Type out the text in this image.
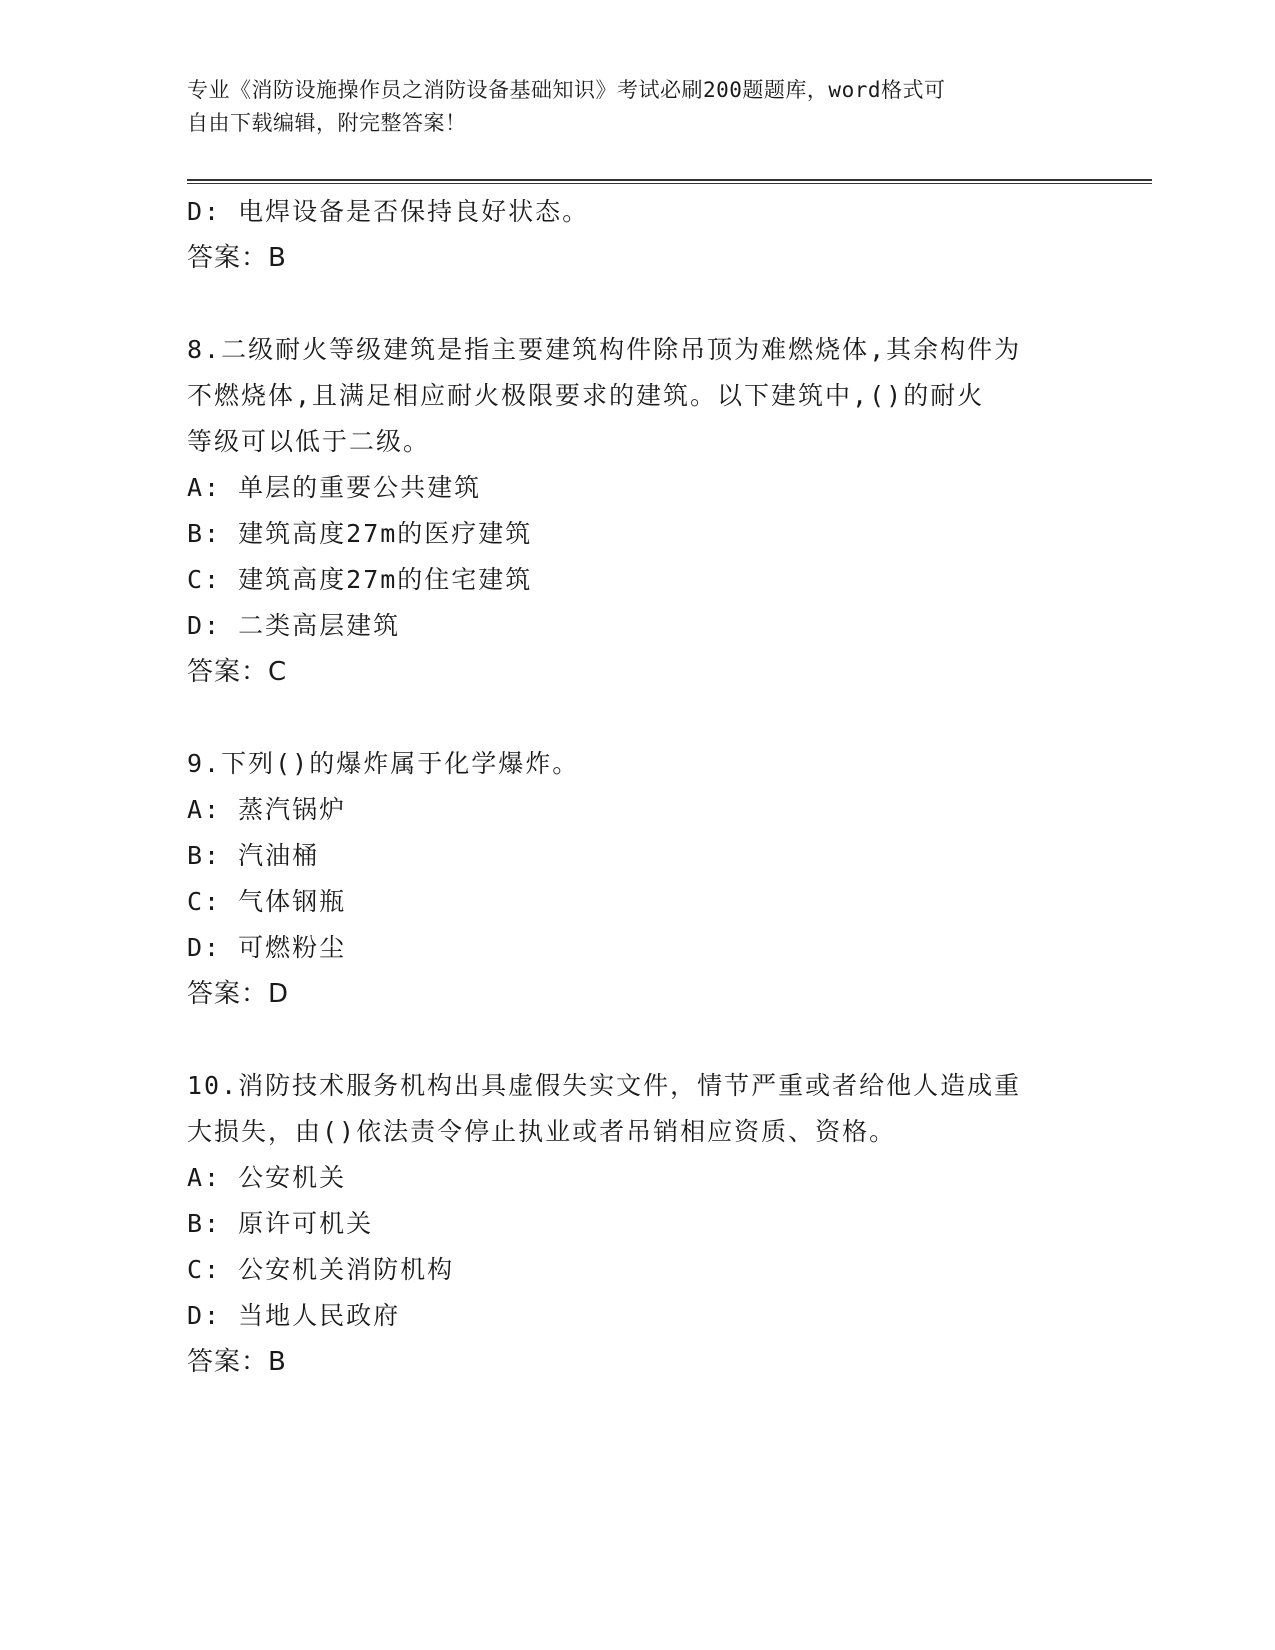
专业《消防设施操作员之消防设备基础知识》考试必刷200题题库，word格式可
自由下载编辑，附完整答案！
D: 电焊设备是否保持良好状态。
答案：B
8.二级耐火等级建筑是指主要建筑构件除吊顶为难燃烧体,其余构件为
不燃烧体,且满足相应耐火极限要求的建筑。以下建筑中,()的耐火
等级可以低于二级。
A: 单层的重要公共建筑
B: 建筑高度27m的医疗建筑
C: 建筑高度27m的住宅建筑
D: 二类高层建筑
答案：C
9.下列()的爆炸属于化学爆炸。
A: 蒸汽锅炉
B: 汽油桶
C: 气体钢瓶
D: 可燃粉尘
答案：D
10.消防技术服务机构出具虚假失实文件，情节严重或者给他人造成重
大损失，由()依法责令停止执业或者吊销相应资质、资格。
A: 公安机关
B: 原许可机关
C: 公安机关消防机构
D: 当地人民政府
答案：B
